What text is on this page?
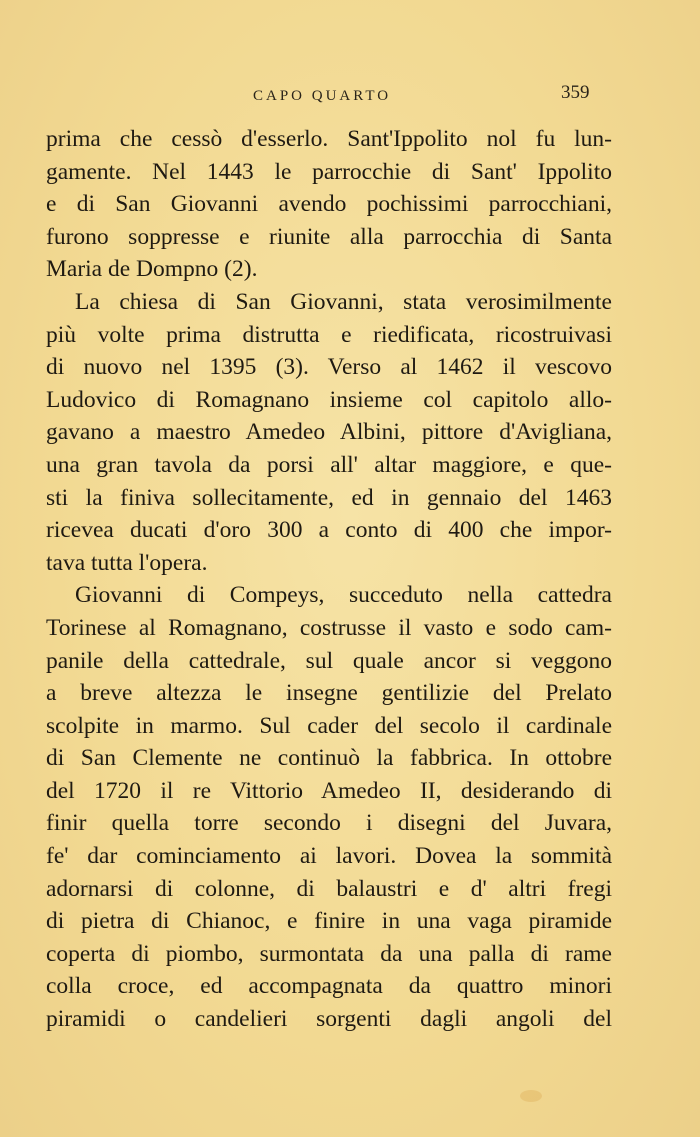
CAPO QUARTO	359
prima che cessò d'esserlo. Sant'Ippolito nol fu lun-
gamente. Nel 1443 le parrocchie di Sant' Ippolito
e di San Giovanni avendo pochissimi parrocchiani,
furono soppresse e riunite alla parrocchia di Santa
Maria de Dompno (2).
La chiesa di San Giovanni, stata verosimilmente
più volte prima distrutta e riedificata, ricostruivasi
di nuovo nel 1395 (3). Verso al 1462 il vescovo
Ludovico di Romagnano insieme col capitolo allo-
gavano a maestro Amedeo Albini, pittore d'Avigliana,
una gran tavola da porsi all' altar maggiore, e que-
sti la finiva sollecitamente, ed in gennaio del 1463
riceveа ducati d'oro 300 a conto di 400 che impor-
tava tutta l'opera.
Giovanni di Compeys, succeduto nella cattedra
Torinese al Romagnano, costrusse il vasto e sodo cam-
panile della cattedrale, sul quale ancor si veggono
a breve altezza le insegne gentilizie del Prelato
scolpite in marmo. Sul cader del secolo il cardinale
di San Clemente ne continuò la fabbrica. In ottobre
del 1720 il re Vittorio Amedeo II, desiderando di
finir quella torre secondo i disegni del Juvara,
fe' dar cominciamento ai lavori. Dovea la sommità
adornarsi di colonne, di balaustri e d' altri fregi
di pietra di Chianoc, e finire in una vaga piramide
coperta di piombo, surmontata da una palla di rame
colla croce, ed accompagnata da quattro minori
piramidi o candelieri sorgenti dagli angoli del
